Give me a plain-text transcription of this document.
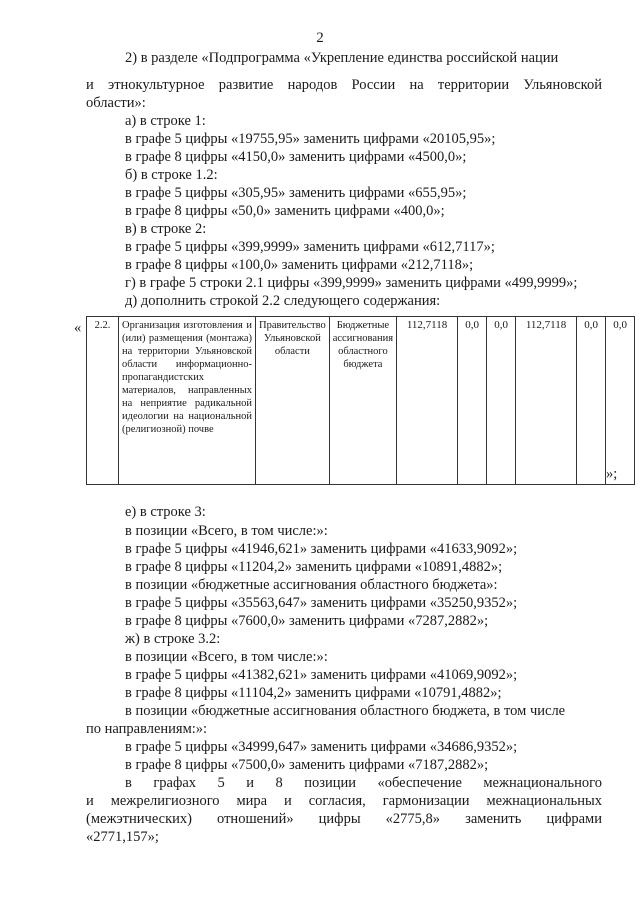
2
2) в разделе «Подпрограмма «Укрепление единства российской нации
и этнокультурное развитие народов России на территории Ульяновской
области»:
а) в строке 1:
в графе 5 цифры «19755,95» заменить цифрами «20105,95»;
в графе 8 цифры «4150,0» заменить цифрами «4500,0»;
б) в строке 1.2:
в графе 5 цифры «305,95» заменить цифрами «655,95»;
в графе 8 цифры «50,0» заменить цифрами «400,0»;
в) в строке 2:
в графе 5 цифры «399,9999» заменить цифрами «612,7117»;
в графе 8 цифры «100,0» заменить цифрами «212,7118»;
г) в графе 5 строки 2.1 цифры «399,9999» заменить цифрами «499,9999»;
д) дополнить строкой 2.2 следующего содержания:
« 2.2.	Организация изготовления и (или) размещения (монтажа) на территории Ульяновской области информационно-пропагандистских материалов, направленных на неприятие радикальной идеологии на национальной (религиозной) почве	Правительство Ульяновской области	Бюджетные ассигнования областного бюджета	112,7118	0,0	0,0	112,7118	0,0	0,0
»;
е) в строке 3:
в позиции «Всего, в том числе:»:
в графе 5 цифры «41946,621» заменить цифрами «41633,9092»;
в графе 8 цифры «11204,2» заменить цифрами «10891,4882»;
в позиции «бюджетные ассигнования областного бюджета»:
в графе 5 цифры «35563,647» заменить цифрами «35250,9352»;
в графе 8 цифры «7600,0» заменить цифрами «7287,2882»;
ж) в строке 3.2:
в позиции «Всего, в том числе:»:
в графе 5 цифры «41382,621» заменить цифрами «41069,9092»;
в графе 8 цифры «11104,2» заменить цифрами «10791,4882»;
в позиции «бюджетные ассигнования областного бюджета, в том числе
по направлениям:»:
в графе 5 цифры «34999,647» заменить цифрами «34686,9352»;
в графе 8 цифры «7500,0» заменить цифрами «7187,2882»;
в графах 5 и 8 позиции «обеспечение межнационального
и межрелигиозного мира и согласия, гармонизации межнациональных
(межэтнических) отношений» цифры «2775,8» заменить цифрами
«2771,157»;
